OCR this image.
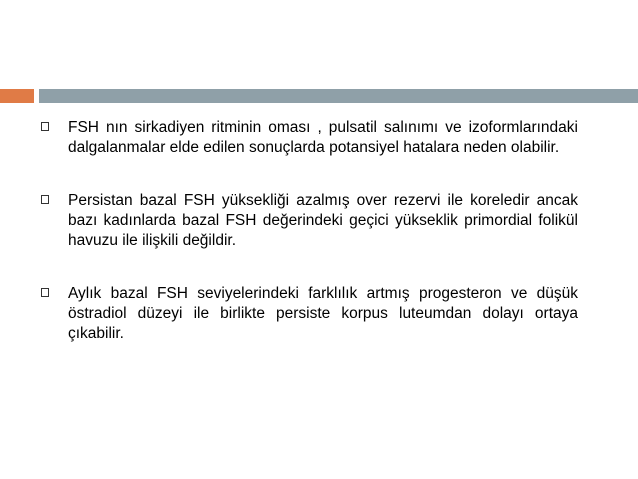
FSH nın sirkadiyen ritminin oması , pulsatil salınımı ve izoformlarındaki dalgalanmalar elde edilen sonuçlarda potansiyel hatalara neden olabilir.

Persistan bazal FSH yüksekliği azalmış over rezervi ile koreledir ancak bazı kadınlarda bazal FSH değerindeki geçici yükseklik primordial folikül havuzu ile ilişkili değildir.

Aylık bazal FSH seviyelerindeki farklılık artmış progesteron ve düşük östradiol düzeyi ile birlikte persiste korpus luteumdan dolayı ortaya çıkabilir.
